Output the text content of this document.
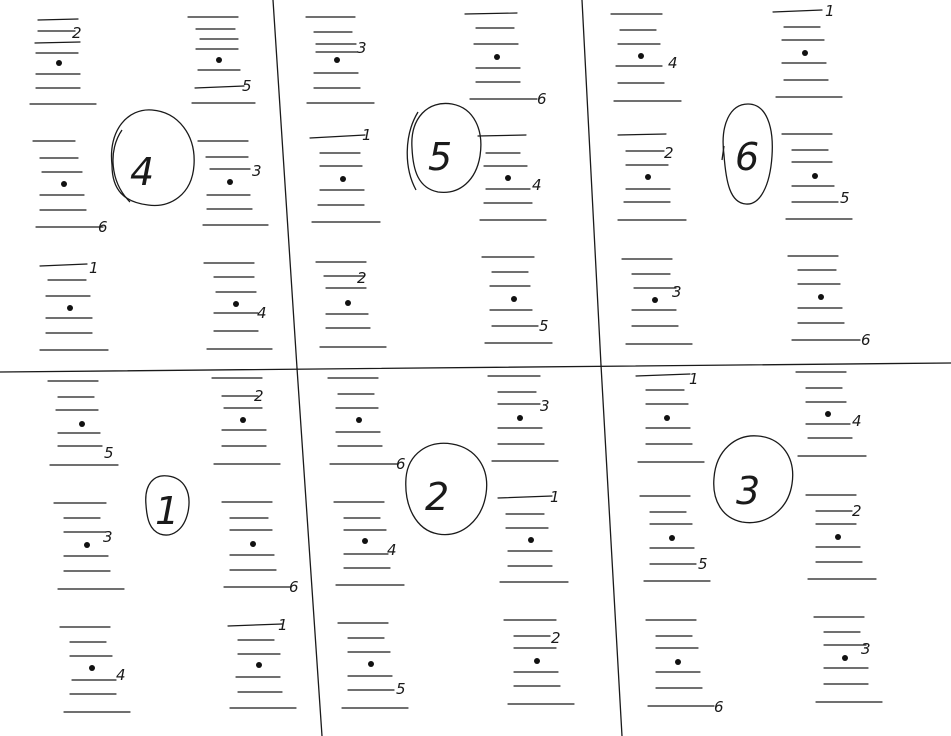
2
5
6
3
1
4
4
3
6
1
4
2
5
5
4
1
2
5
3
6
6
5
2
3
6
4
1
1
6
3
4
1
5
2
2
1
4
5
2
6
3
3
